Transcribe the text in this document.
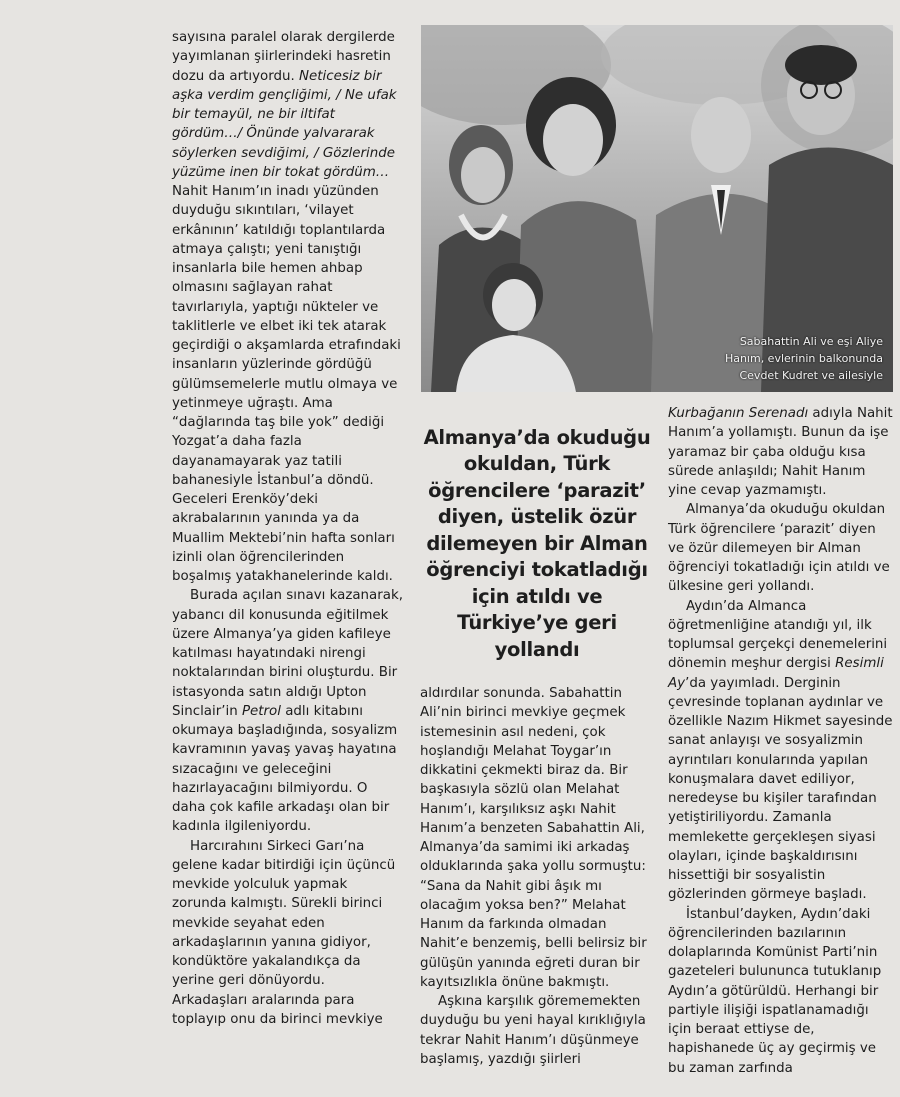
sayısına paralel olarak dergilerde yayımlanan şiirlerindeki hasretin dozu da artıyordu. Neticesiz bir aşka verdim gençliğimi, / Ne ufak bir temayül, ne bir iltifat gördüm…/ Önünde yalvararak söylerken sevdiğimi, / Gözlerinde yüzüme inen bir tokat gördüm… Nahit Hanım’ın inadı yüzünden duyduğu sıkıntıları, ‘vilayet erkânının’ katıldığı toplantılarda atmaya çalıştı; yeni tanıştığı insanlarla bile hemen ahbap olmasını sağlayan rahat tavırlarıyla, yaptığı nükteler ve taklitlerle ve elbet iki tek atarak geçirdiği o akşamlarda etrafındaki insanların yüzlerinde gördüğü gülümsemelerle mutlu olmaya ve yetinmeye uğraştı. Ama “dağlarında taş bile yok” dediği Yozgat’a daha fazla dayanamayarak yaz tatili bahanesiyle İstanbul’a döndü. Geceleri Erenköy’deki akrabalarının yanında ya da Muallim Mektebi’nin hafta sonları izinli olan öğrencilerinden boşalmış yatakhanelerinde kaldı.

Burada açılan sınavı kazanarak, yabancı dil konusunda eğitilmek üzere Almanya’ya giden kafileye katılması hayatındaki nirengi noktalarından birini oluşturdu. Bir istasyonda satın aldığı Upton Sinclair’in Petrol adlı kitabını okumaya başladığında, sosyalizm kavramının yavaş yavaş hayatına sızacağını ve geleceğini hazırlayacağını bilmiyordu. O daha çok kafile arkadaşı olan bir kadınla ilgileniyordu.

Harcırahını Sirkeci Garı’na gelene kadar bitirdiği için üçüncü mevkide yolculuk yapmak zorunda kalmıştı. Sürekli birinci mevkide seyahat eden arkadaşlarının yanına gidiyor, kondüktöre yakalandıkça da yerine geri dönüyordu. Arkadaşları aralarında para toplayıp onu da birinci mevkiye

Sabahattin Ali ve eşi Aliye
Hanım, evlerinin balkonunda
Cevdet Kudret ve ailesiyle
Almanya’da okuduğu okuldan, Türk öğrencilere ‘parazit’ diyen, üstelik özür dilemeyen bir Alman öğrenciyi tokatladığı için atıldı ve Türkiye’ye geri yollandı

aldırdılar sonunda. Sabahattin Ali’nin birinci mevkiye geçmek istemesinin asıl nedeni, çok hoşlandığı Melahat Toygar’ın dikkatini çekmekti biraz da. Bir başkasıyla sözlü olan Melahat Hanım’ı, karşılıksız aşkı Nahit Hanım’a benzeten Sabahattin Ali, Almanya’da samimi iki arkadaş olduklarında şaka yollu sormuştu: “Sana da Nahit gibi âşık mı olacağım yoksa ben?” Melahat Hanım da farkında olmadan Nahit’e benzemiş, belli belirsiz bir gülüşün yanında eğreti duran bir kayıtsızlıkla önüne bakmıştı.

Aşkına karşılık görememekten duyduğu bu yeni hayal kırıklığıyla tekrar Nahit Hanım’ı düşünmeye başlamış, yazdığı şiirleri

Kurbağanın Serenadı adıyla Nahit Hanım’a yollamıştı. Bunun da işe yaramaz bir çaba olduğu kısa sürede anlaşıldı; Nahit Hanım yine cevap yazmamıştı.

Almanya’da okuduğu okuldan Türk öğrencilere ‘parazit’ diyen ve özür dilemeyen bir Alman öğrenciyi tokatladığı için atıldı ve ülkesine geri yollandı.

Aydın’da Almanca öğretmenliğine atandığı yıl, ilk toplumsal gerçekçi denemelerini dönemin meşhur dergisi Resimli Ay’da yayımladı. Derginin çevresinde toplanan aydınlar ve özellikle Nazım Hikmet sayesinde sanat anlayışı ve sosyalizmin ayrıntıları konularında yapılan konuşmalara davet ediliyor, neredeyse bu kişiler tarafından yetiştiriliyordu. Zamanla memlekette gerçekleşen siyasi olayları, içinde başkaldırısını hissettiği bir sosyalistin gözlerinden görmeye başladı.

İstanbul’dayken, Aydın’daki öğrencilerinden bazılarının dolaplarında Komünist Parti’nin gazeteleri bulununca tutuklanıp Aydın’a götürüldü. Herhangi bir partiyle ilişiği ispatlanamadığı için beraat ettiyse de, hapishanede üç ay geçirmiş ve bu zaman zarfında
